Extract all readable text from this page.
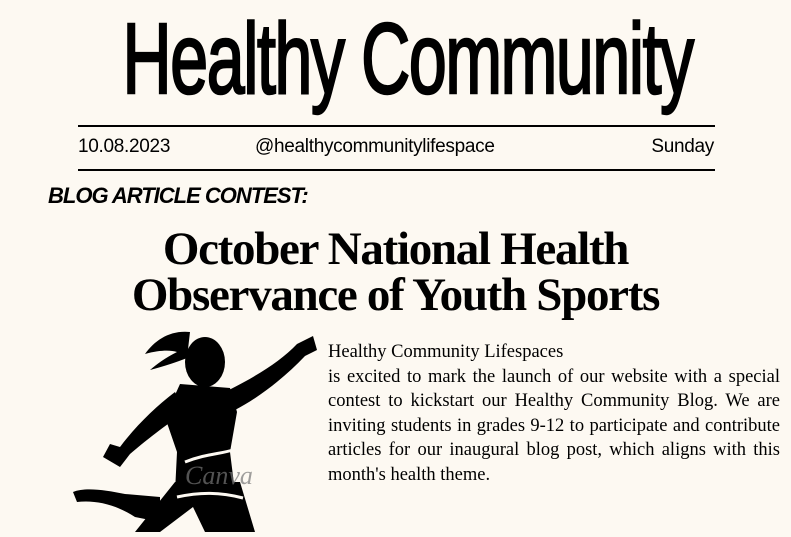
Healthy Community
10.08.2023	@healthycommunitylifespace	Sunday
BLOG ARTICLE CONTEST:
October National Health
Observance of Youth Sports
Canva
Healthy Community Lifespaces

is excited to mark the launch of our website with a special contest to kickstart our Healthy Community Blog. We are inviting students in grades 9-12 to participate and contribute articles for our inaugural blog post, which aligns with this month's health theme.
